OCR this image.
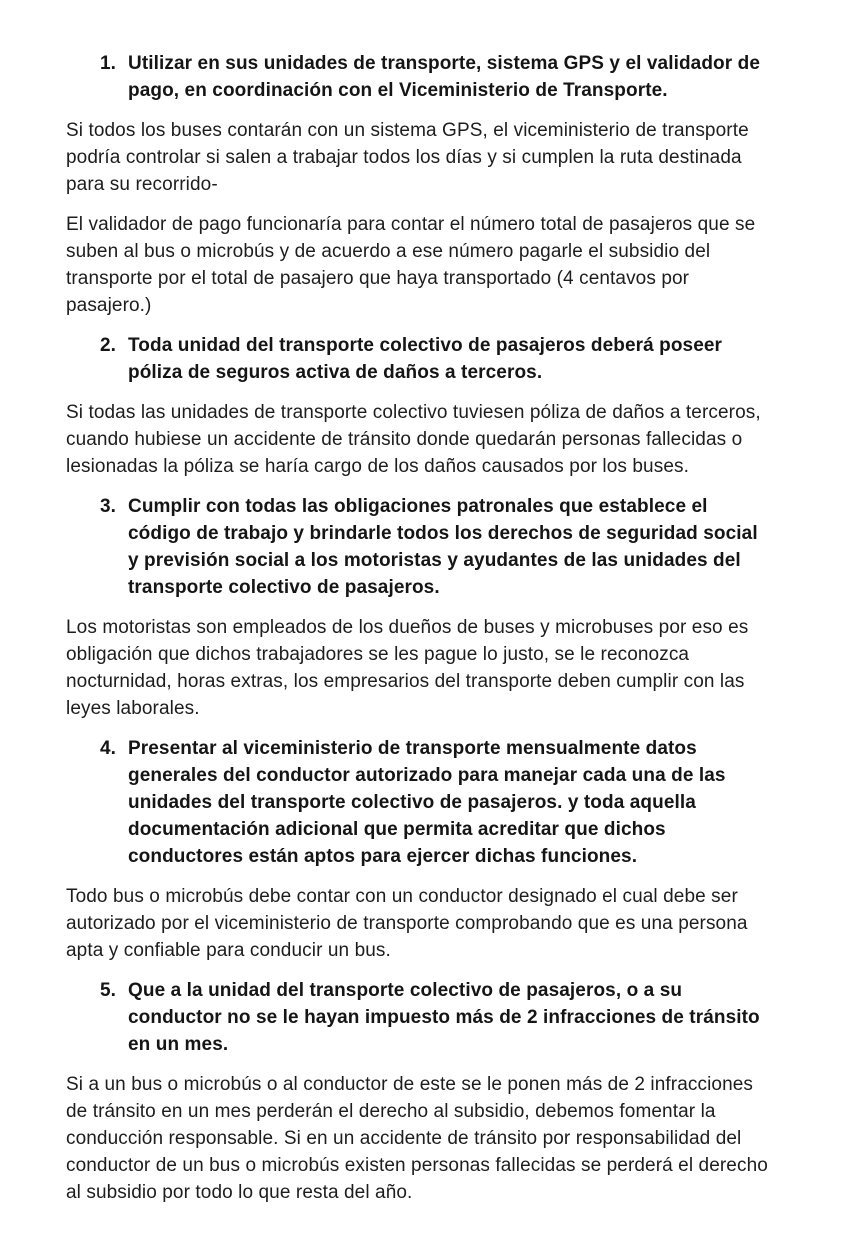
1. Utilizar en sus unidades de transporte, sistema GPS y el validador de pago, en coordinación con el Viceministerio de Transporte.

Si todos los buses contarán con un sistema GPS, el viceministerio de transporte podría controlar si salen a trabajar todos los días y si cumplen la ruta destinada para su recorrido-

El validador de pago funcionaría para contar el número total de pasajeros que se suben al bus o microbús y de acuerdo a ese número pagarle el subsidio del transporte por el total de pasajero que haya transportado (4 centavos por pasajero.)

2. Toda unidad del transporte colectivo de pasajeros deberá poseer póliza de seguros activa de daños a terceros.

Si todas las unidades de transporte colectivo tuviesen póliza de daños a terceros, cuando hubiese un accidente de tránsito donde quedarán personas fallecidas o lesionadas la póliza se haría cargo de los daños causados por los buses.

3. Cumplir con todas las obligaciones patronales que establece el código de trabajo y brindarle todos los derechos de seguridad social y previsión social a los motoristas y ayudantes de las unidades del transporte colectivo de pasajeros.

Los motoristas son empleados de los dueños de buses y microbuses por eso es obligación que dichos trabajadores se les pague lo justo, se le reconozca nocturnidad, horas extras, los empresarios del transporte deben cumplir con las leyes laborales.

4. Presentar al viceministerio de transporte mensualmente datos generales del conductor autorizado para manejar cada una de las unidades del transporte colectivo de pasajeros. y toda aquella documentación adicional que permita acreditar que dichos conductores están aptos para ejercer dichas funciones.

Todo bus o microbús debe contar con un conductor designado el cual debe ser autorizado por el viceministerio de transporte comprobando que es una persona apta y confiable para conducir un bus.

5. Que a la unidad del transporte colectivo de pasajeros, o a su conductor no se le hayan impuesto más de 2 infracciones de tránsito en un mes.

Si a un bus o microbús o al conductor de este se le ponen más de 2 infracciones de tránsito en un mes perderán el derecho al subsidio, debemos fomentar la conducción responsable. Si en un accidente de tránsito por responsabilidad del conductor de un bus o microbús existen personas fallecidas se perderá el derecho al subsidio por todo lo que resta del año.
